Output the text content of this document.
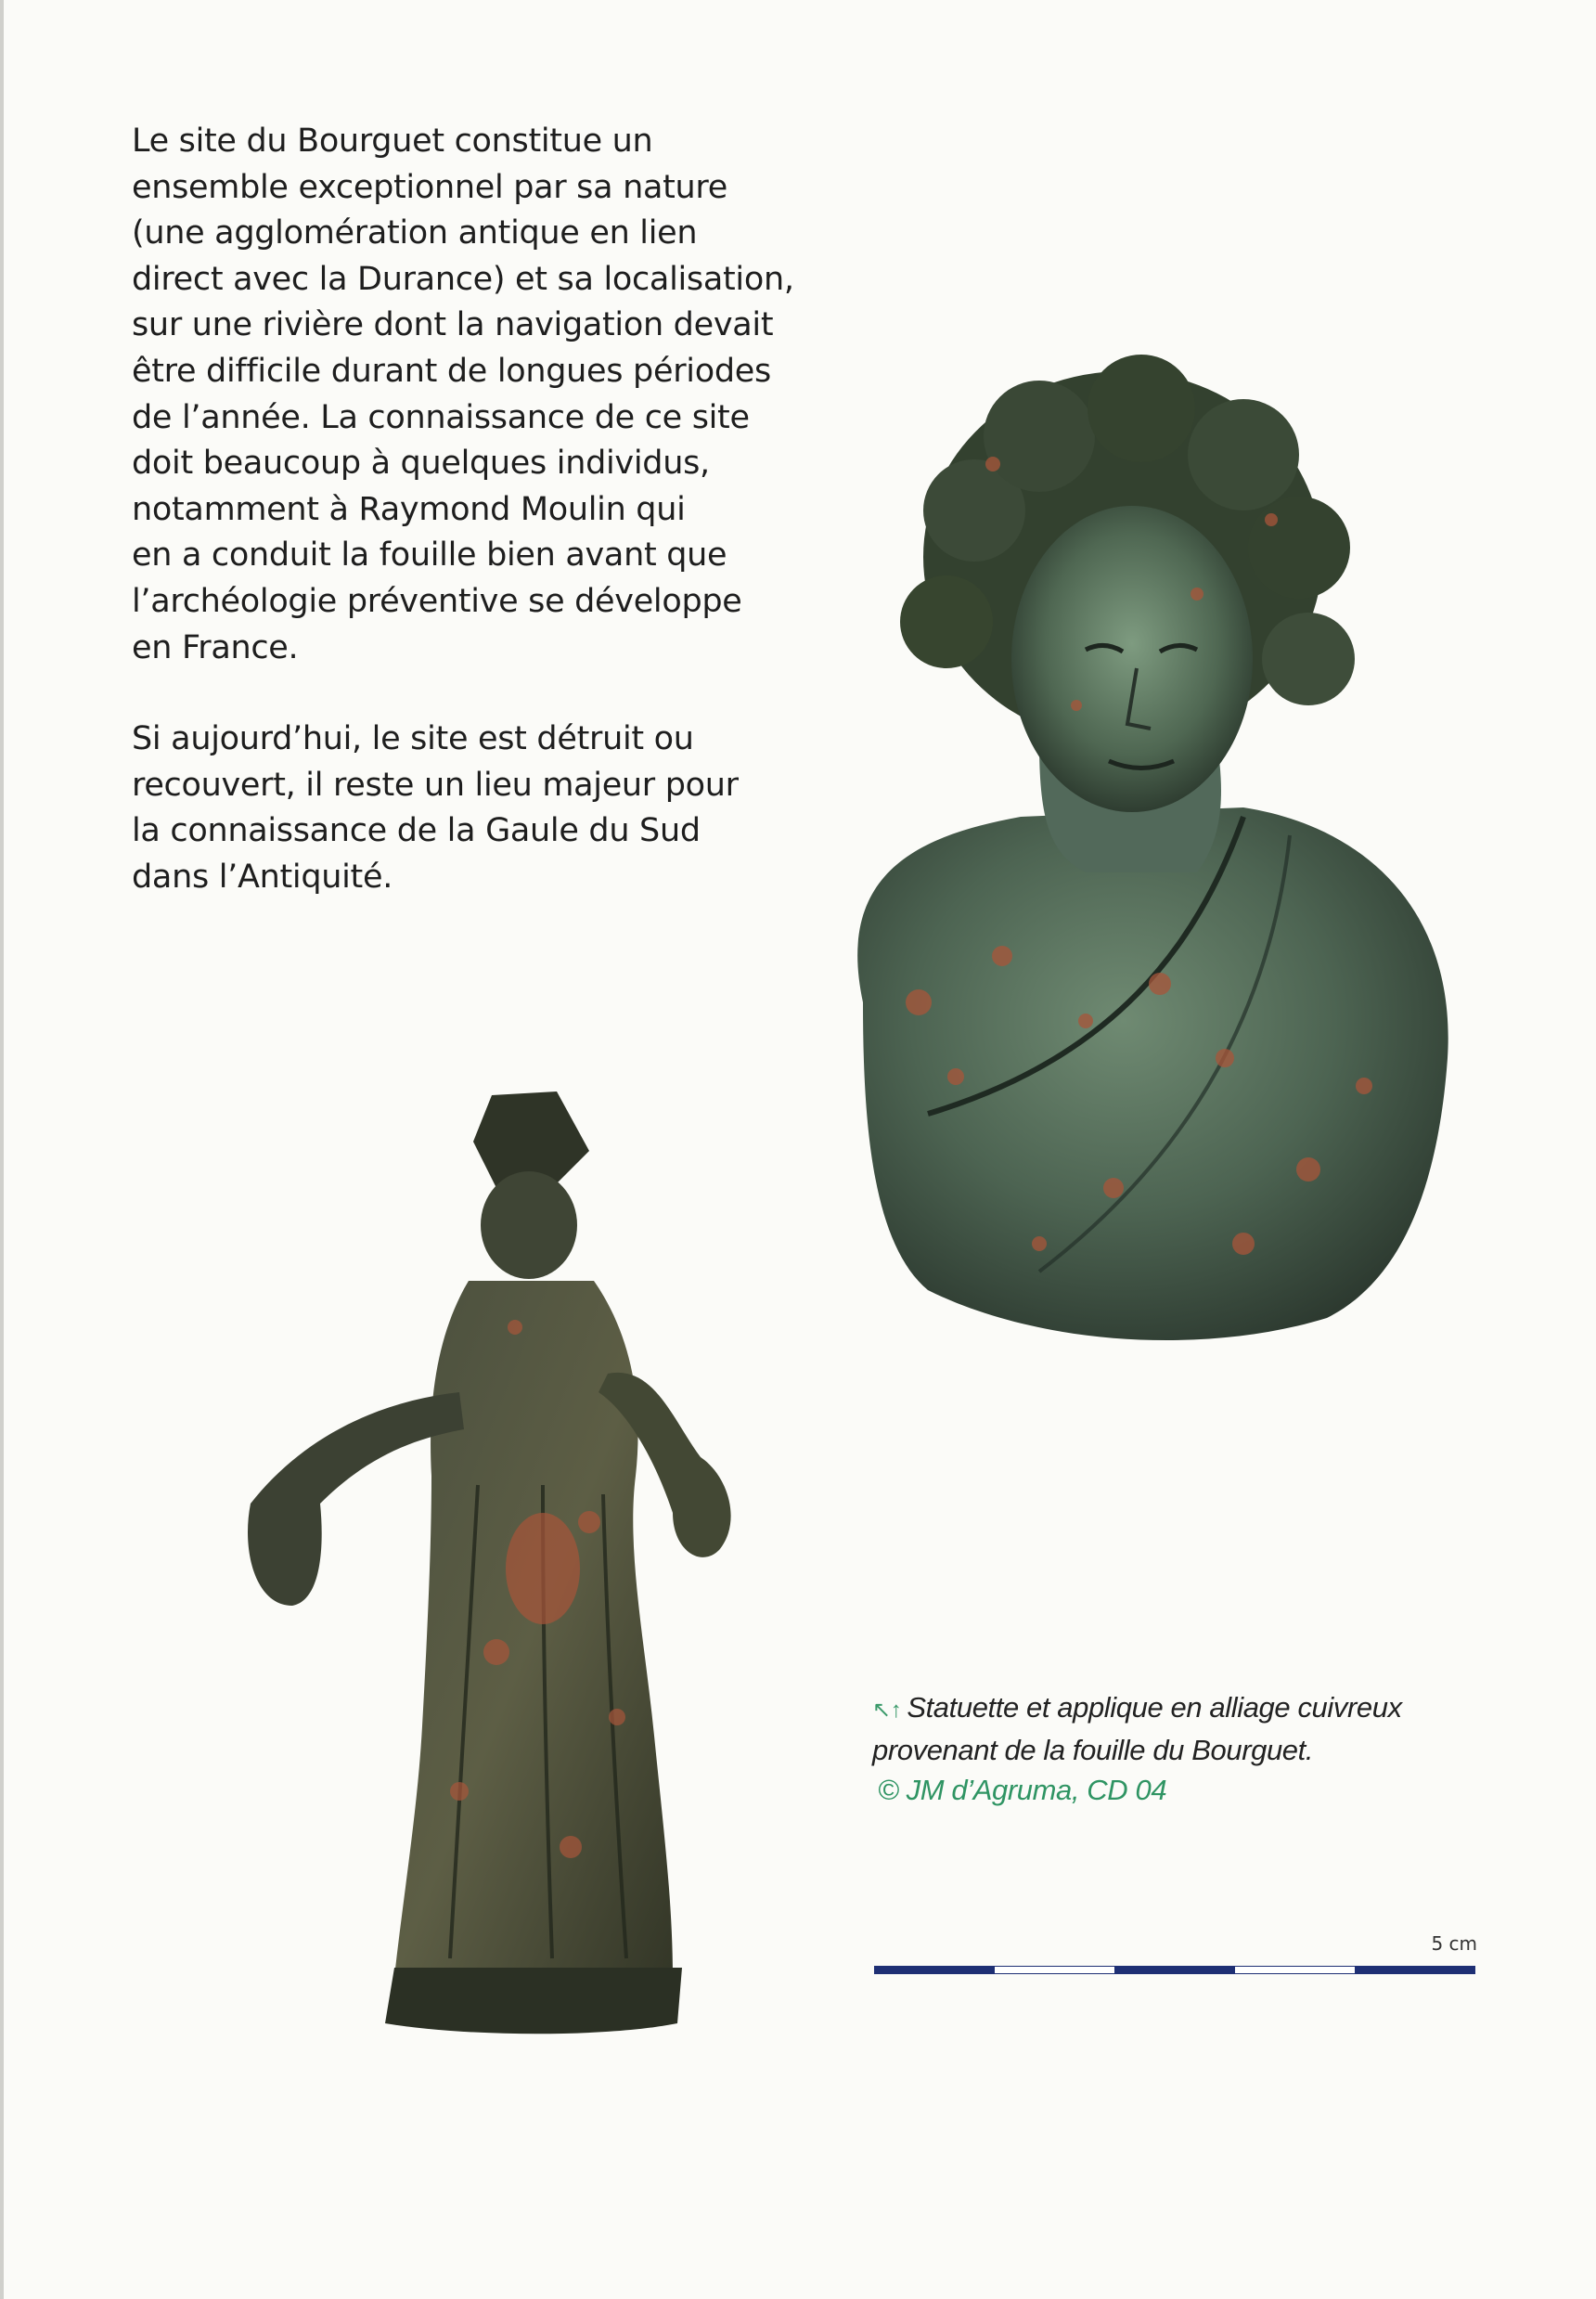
Le site du Bourguet constitue un
ensemble exceptionnel par sa nature
(une agglomération antique en lien
direct avec la Durance) et sa localisation,
sur une rivière dont la navigation devait
être difficile durant de longues périodes
de l’année. La connaissance de ce site
doit beaucoup à quelques individus,
notamment à Raymond Moulin qui
en a conduit la fouille bien avant que
l’archéologie préventive se développe
en France.
Si aujourd’hui, le site est détruit ou
recouvert, il reste un lieu majeur pour
la connaissance de la Gaule du Sud
dans l’Antiquité.
↖↑ Statuette et applique en alliage cuivreux
provenant de la fouille du Bourguet.
© JM d’Agruma, CD 04
5 cm
